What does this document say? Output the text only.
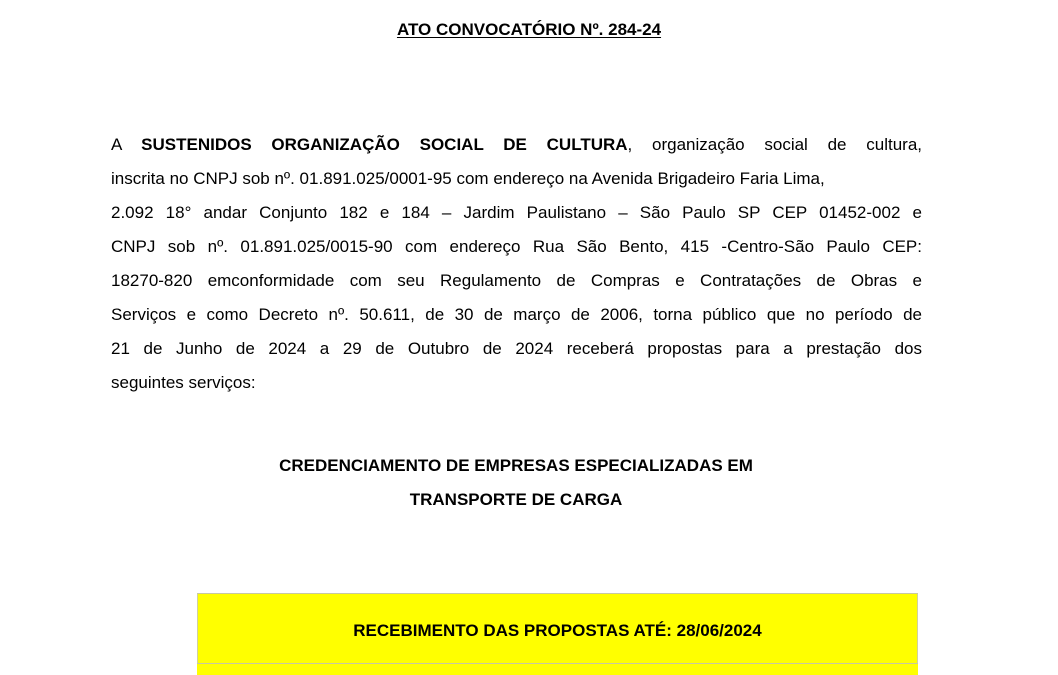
ATO CONVOCATÓRIO Nº. 284-24
A SUSTENIDOS ORGANIZAÇÃO SOCIAL DE CULTURA, organização social de cultura,
inscrita no CNPJ sob nº. 01.891.025/0001-95 com endereço na Avenida Brigadeiro Faria Lima,
2.092 18° andar Conjunto 182 e 184 – Jardim Paulistano – São Paulo SP CEP 01452-002 e
CNPJ sob nº. 01.891.025/0015-90 com endereço Rua São Bento, 415 -Centro-São Paulo CEP:
18270-820 emconformidade com seu Regulamento de Compras e Contratações de Obras e
Serviços e como Decreto nº. 50.611, de 30 de março de 2006, torna público que no período de
21 de Junho de 2024 a 29 de Outubro de 2024 receberá propostas para a prestação dos
seguintes serviços:
CREDENCIAMENTO DE EMPRESAS ESPECIALIZADAS EM
TRANSPORTE DE CARGA
RECEBIMENTO DAS PROPOSTAS ATÉ: 28/06/2024
